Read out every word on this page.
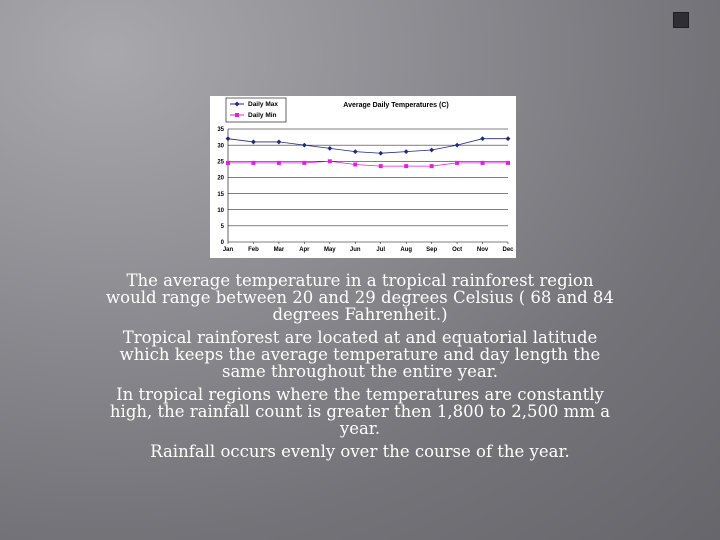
Average Daily Temperatures (C)
Daily Max
Daily Min
0
5
10
15
20
25
30
35
Jan Feb Mar Apr May Jun	Jul	Aug Sep Oct Nov Dec

The average temperature in a tropical rainforest region would range between 20 and 29 degrees Celsius ( 68 and 84 degrees Fahrenheit.)

Tropical rainforest are located at and equatorial latitude which keeps the average temperature and day length the same throughout the entire year.

In tropical regions where the temperatures are constantly high, the rainfall count is greater then 1,800 to 2,500 mm a year.

Rainfall occurs evenly over the course of the year.
